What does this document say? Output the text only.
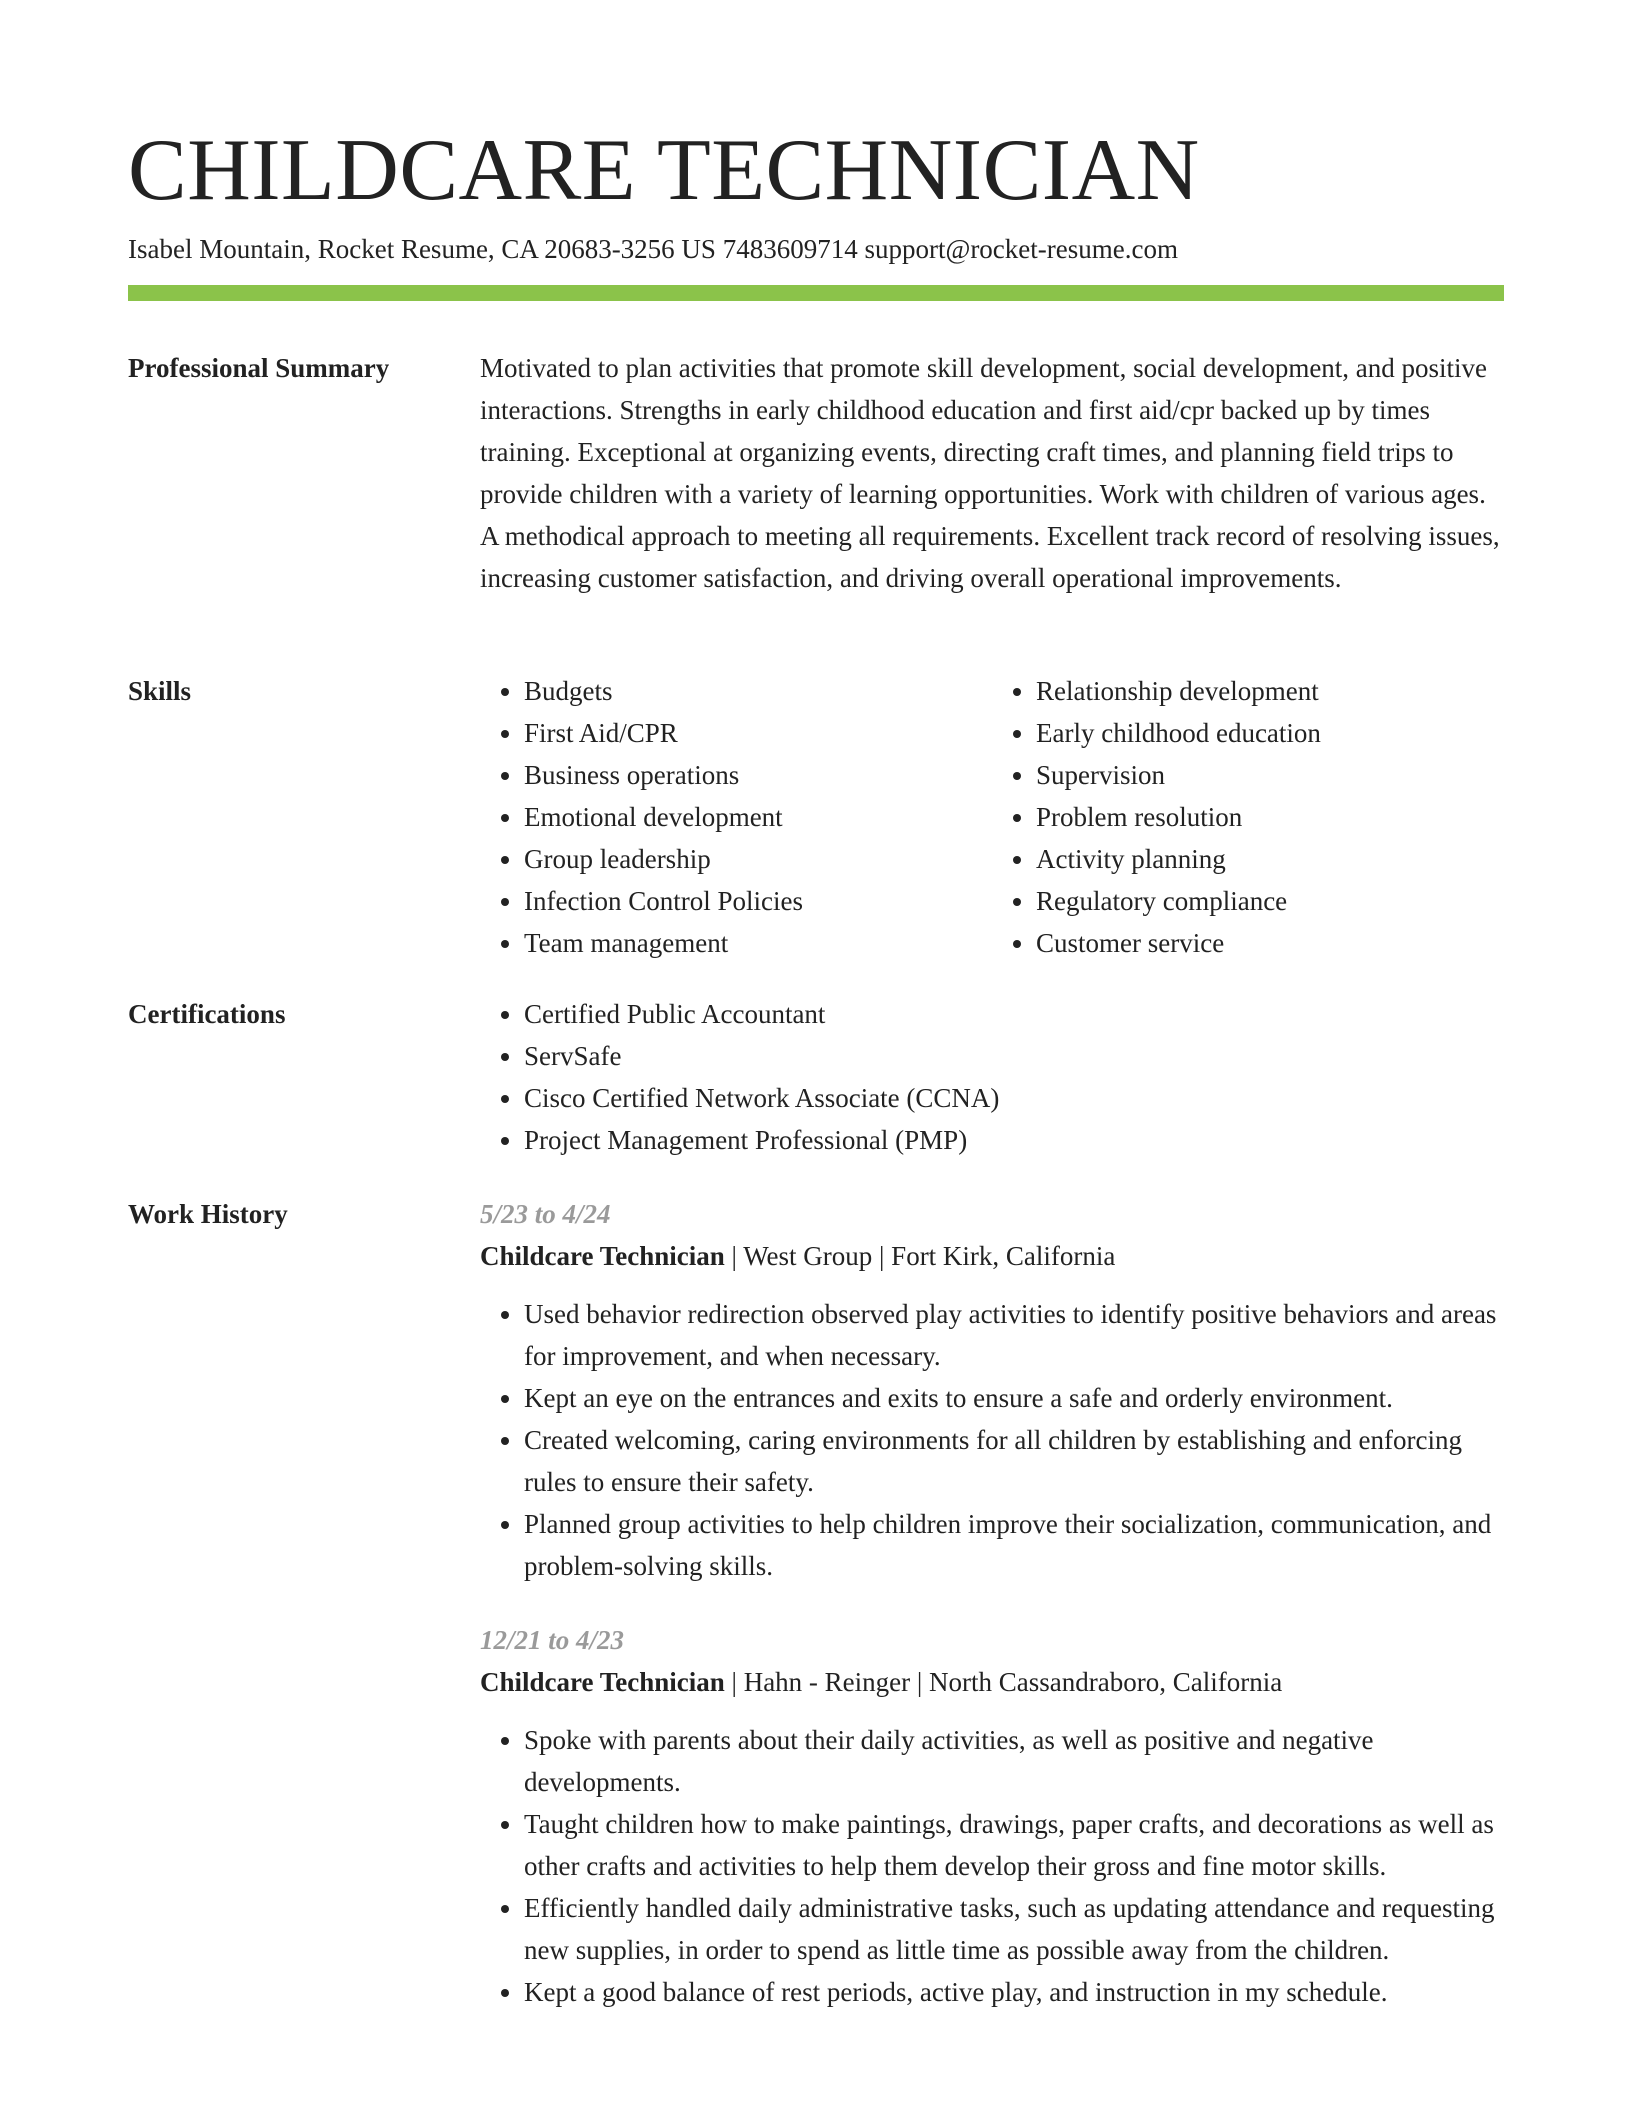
CHILDCARE TECHNICIAN
Isabel Mountain, Rocket Resume, CA 20683-3256 US 7483609714 support@rocket-resume.com
Professional Summary	Motivated to plan activities that promote skill development, social development, and positive interactions. Strengths in early childhood education and first aid/cpr backed up by times training. Exceptional at organizing events, directing craft times, and planning field trips to provide children with a variety of learning opportunities. Work with children of various ages. A methodical approach to meeting all requirements. Excellent track record of resolving issues, increasing customer satisfaction, and driving overall operational improvements.

Skills	• Budgets
• First Aid/CPR
• Business operations
• Emotional development
• Group leadership
• Infection Control Policies
• Team management
• Relationship development
• Early childhood education
• Supervision
• Problem resolution
• Activity planning
• Regulatory compliance
• Customer service
Certifications	• Certified Public Accountant
• ServSafe
• Cisco Certified Network Associate (CCNA)
• Project Management Professional (PMP)
Work History	5/23 to 4/24
Childcare Technician | West Group | Fort Kirk, California
• Used behavior redirection observed play activities to identify positive behaviors and areas for improvement, and when necessary.
• Kept an eye on the entrances and exits to ensure a safe and orderly environment.
• Created welcoming, caring environments for all children by establishing and enforcing rules to ensure their safety.
• Planned group activities to help children improve their socialization, communication, and problem-solving skills.
12/21 to 4/23
Childcare Technician | Hahn - Reinger | North Cassandraboro, California
• Spoke with parents about their daily activities, as well as positive and negative developments.
• Taught children how to make paintings, drawings, paper crafts, and decorations as well as other crafts and activities to help them develop their gross and fine motor skills.
• Efficiently handled daily administrative tasks, such as updating attendance and requesting new supplies, in order to spend as little time as possible away from the children.
• Kept a good balance of rest periods, active play, and instruction in my schedule.
